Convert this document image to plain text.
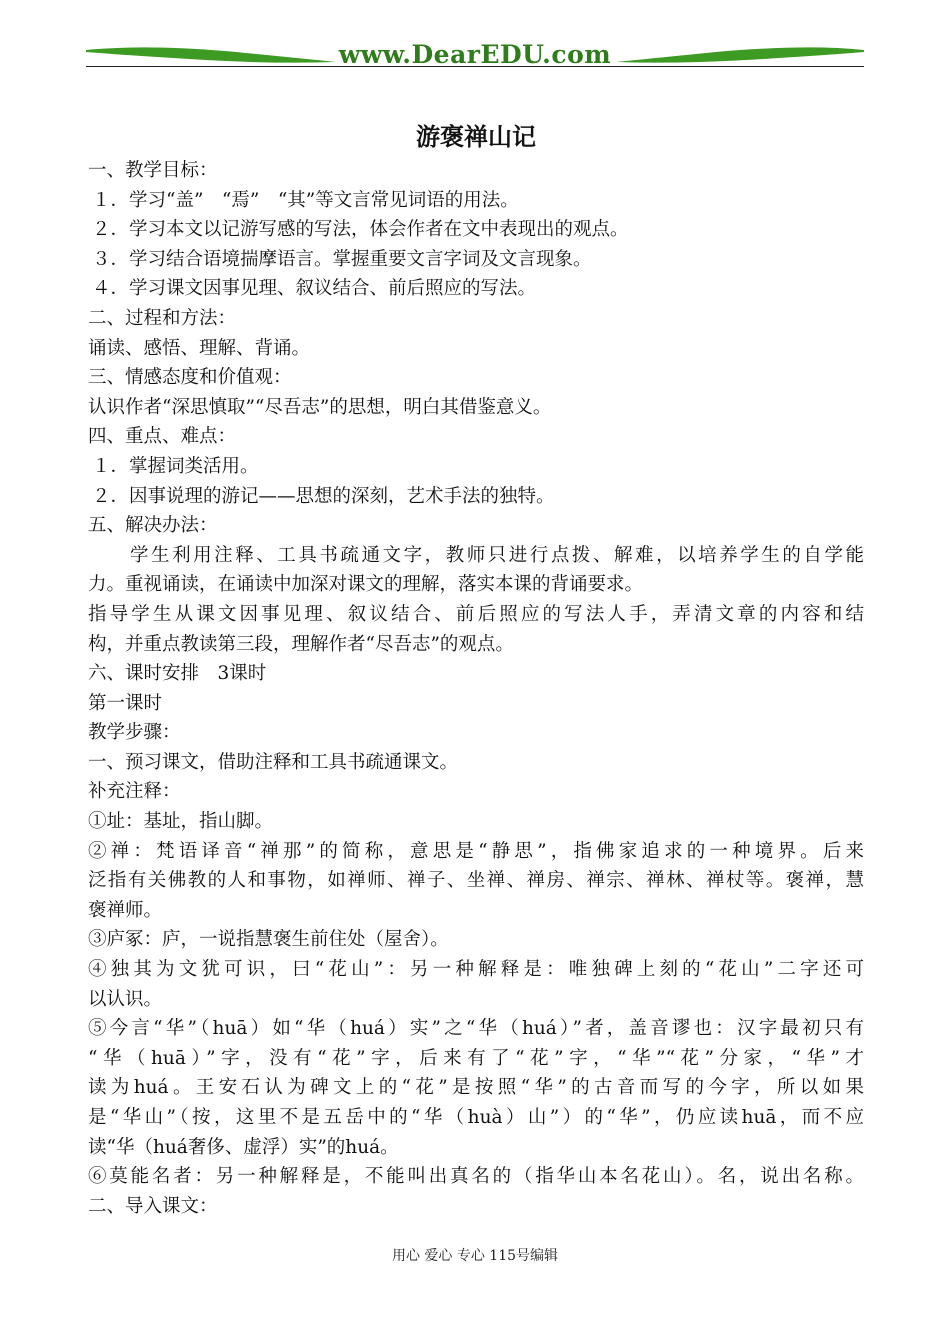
www.DearEDU.com
游褒禅山记
一、教学目标：
１．学习“盖”　“焉”　“其”等文言常见词语的用法。
２．学习本文以记游写感的写法，体会作者在文中表现出的观点。
３．学习结合语境揣摩语言。掌握重要文言字词及文言现象。
４．学习课文因事见理、叙议结合、前后照应的写法。
二、过程和方法：
诵读、感悟、理解、背诵。
三、情感态度和价值观：
认识作者“深思慎取”“尽吾志”的思想，明白其借鉴意义。
四、重点、难点：
１．掌握词类活用。
２．因事说理的游记——思想的深刻，艺术手法的独特。
五、解决办法：
学生利用注释、工具书疏通文字，教师只进行点拨、解难，以培养学生的自学能
力。重视诵读，在诵读中加深对课文的理解，落实本课的背诵要求。
指导学生从课文因事见理、叙议结合、前后照应的写法人手，弄清文章的内容和结
构，并重点教读第三段，理解作者“尽吾志”的观点。
六、课时安排　3课时
第一课时
教学步骤：
一、预习课文，借助注释和工具书疏通课文。
补充注释：
①址：基址，指山脚。
②禅：梵语译音“禅那”的简称，意思是“静思”，指佛家追求的一种境界。后来
泛指有关佛教的人和事物，如禅师、禅子、坐禅、禅房、禅宗、禅林、禅杖等。褒禅，慧
褒禅师。
③庐冢：庐，一说指慧褒生前住处（屋舍）。
④独其为文犹可识，曰“花山”：另一种解释是：唯独碑上刻的“花山”二字还可
以认识。
⑤今言“华”（huā）如“华（huá）实”之“华（huá）”者，盖音谬也：汉字最初只有
“华（huā）”字，没有“花”字，后来有了“花”字，“华”“花”分家，“华”才
读为huá。王安石认为碑文上的“花”是按照“华”的古音而写的今字，所以如果
是“华山”（按，这里不是五岳中的“华（huà）山”）的“华”，仍应读huā，而不应
读“华（huá奢侈、虚浮）实”的huá。
⑥莫能名者：另一种解释是，不能叫出真名的（指华山本名花山）。名，说出名称。
二、导入课文：
用心 爱心 专心 115号编辑
